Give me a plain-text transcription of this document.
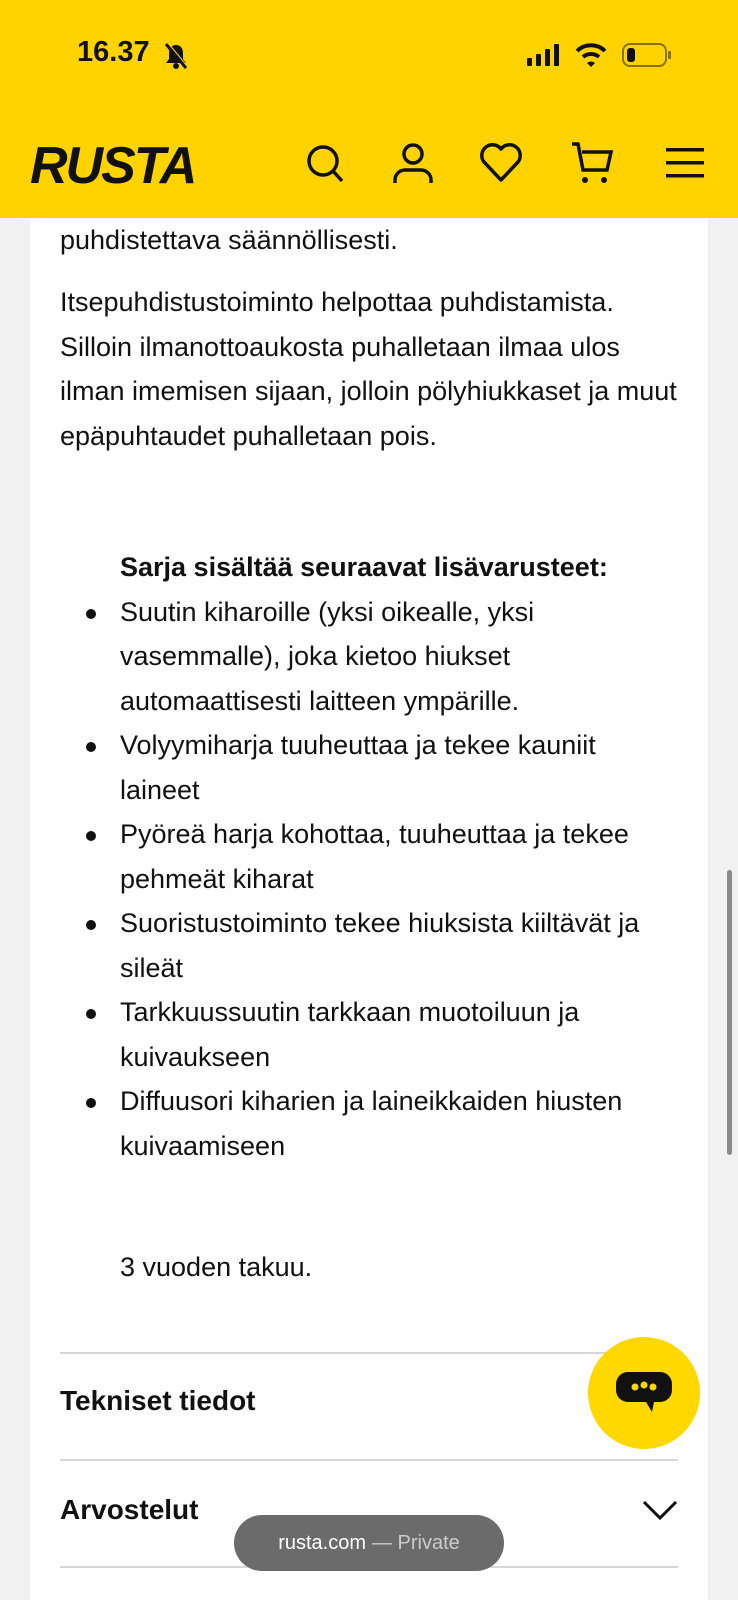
puhdistettava säännöllisesti.
Itsepuhdistustoiminto helpottaa puhdistamista. Silloin ilmanottoaukosta puhalletaan ilmaa ulos ilman imemisen sijaan, jolloin pölyhiukkaset ja muut epäpuhtaudet puhalletaan pois.
Sarja sisältää seuraavat lisävarusteet:
Suutin kiharoille (yksi oikealle, yksi vasemmalle), joka kietoo hiukset automaattisesti laitteen ympärille.
Volyymiharja tuuheuttaa ja tekee kauniit laineet
Pyöreä harja kohottaa, tuuheuttaa ja tekee pehmeät kiharat
Suoristustoiminto tekee hiuksista kiiltävät ja sileät
Tarkkuussuutin tarkkaan muotoiluun ja kuivaukseen
Diffuusori kiharien ja laineikkaiden hiusten kuivaamiseen
3 vuoden takuu.
Tekniset tiedot
Arvostelut
16.37
RUSTA
rusta.com — Private
